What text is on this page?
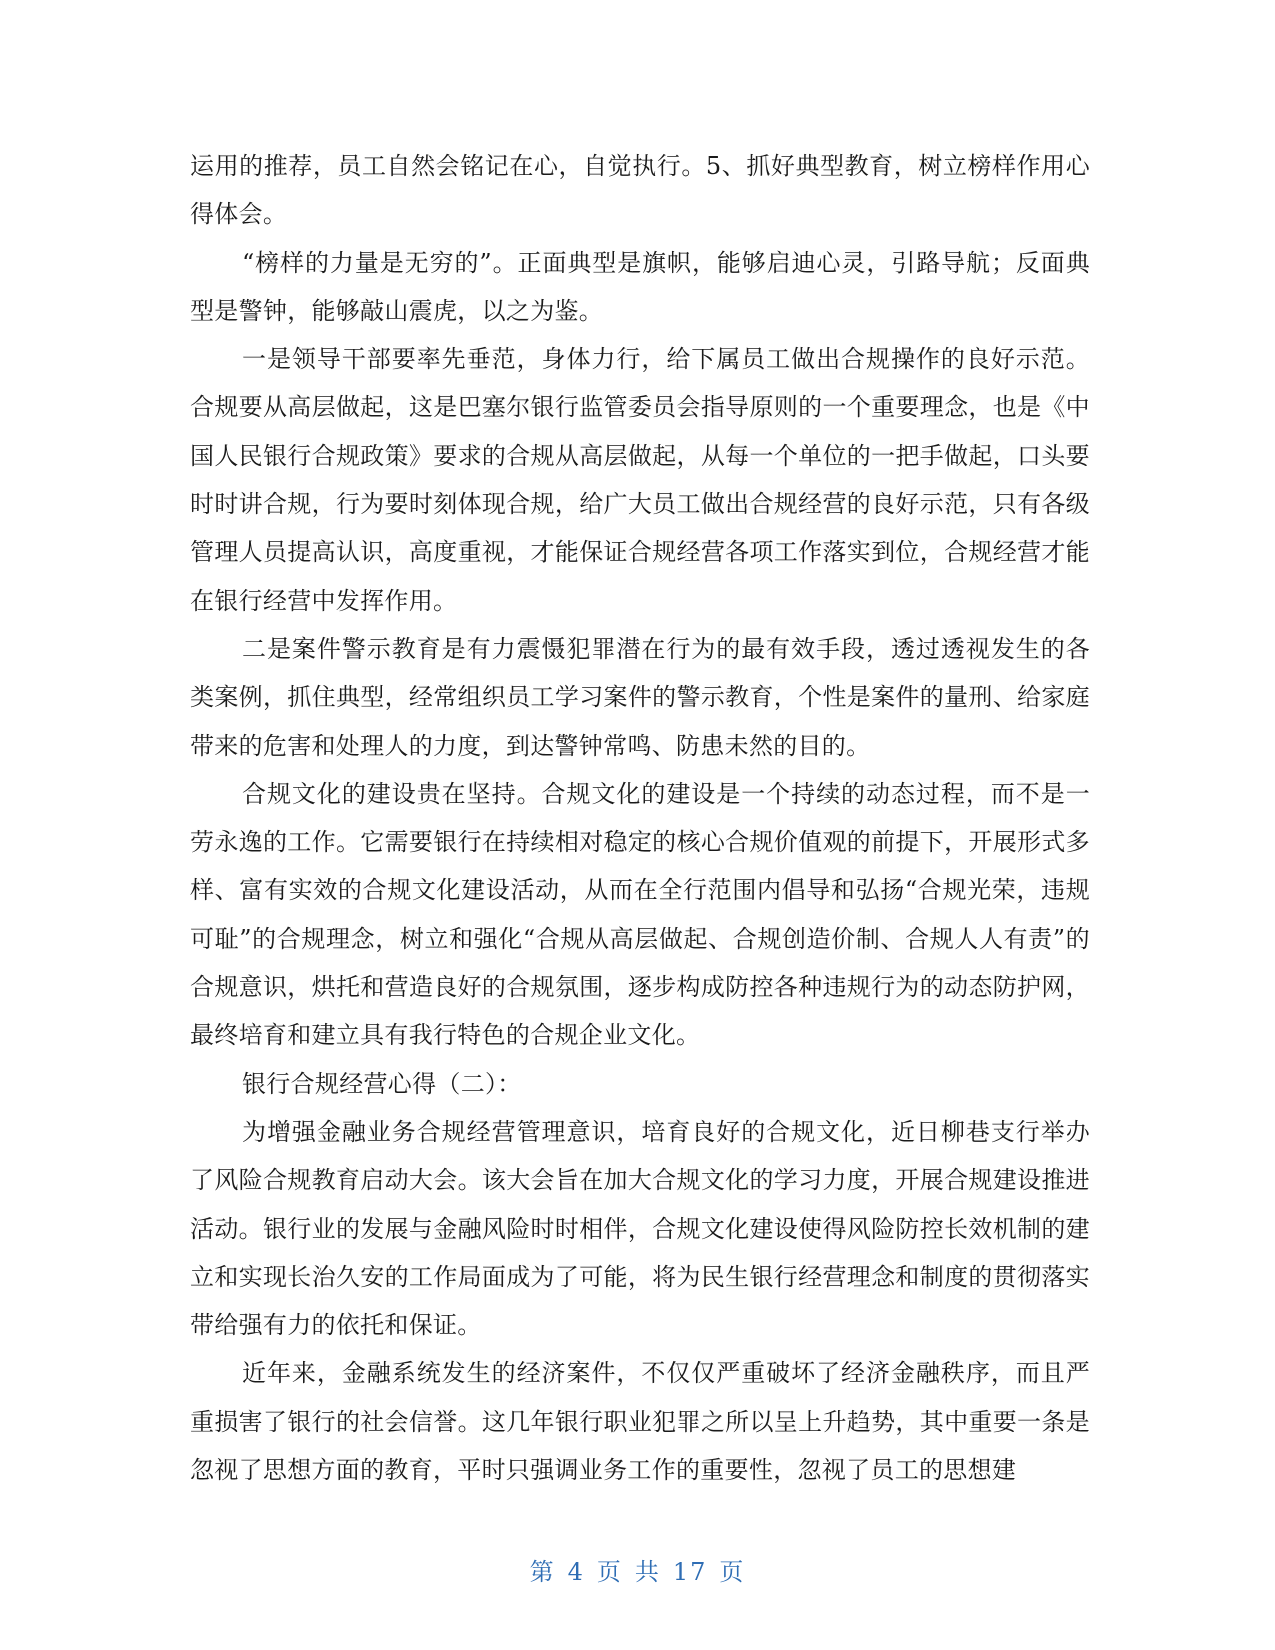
运用的推荐，员工自然会铭记在心，自觉执行。5、抓好典型教育，树立榜样作用心得体会。

“榜样的力量是无穷的”。正面典型是旗帜，能够启迪心灵，引路导航；反面典型是警钟，能够敲山震虎，以之为鉴。

一是领导干部要率先垂范，身体力行，给下属员工做出合规操作的良好示范。合规要从高层做起，这是巴塞尔银行监管委员会指导原则的一个重要理念，也是《中国人民银行合规政策》要求的合规从高层做起，从每一个单位的一把手做起，口头要时时讲合规，行为要时刻体现合规，给广大员工做出合规经营的良好示范，只有各级管理人员提高认识，高度重视，才能保证合规经营各项工作落实到位，合规经营才能在银行经营中发挥作用。

二是案件警示教育是有力震慑犯罪潜在行为的最有效手段，透过透视发生的各类案例，抓住典型，经常组织员工学习案件的警示教育，个性是案件的量刑、给家庭带来的危害和处理人的力度，到达警钟常鸣、防患未然的目的。

合规文化的建设贵在坚持。合规文化的建设是一个持续的动态过程，而不是一劳永逸的工作。它需要银行在持续相对稳定的核心合规价值观的前提下，开展形式多样、富有实效的合规文化建设活动，从而在全行范围内倡导和弘扬“合规光荣，违规可耻”的合规理念，树立和强化“合规从高层做起、合规创造价制、合规人人有责”的合规意识，烘托和营造良好的合规氛围，逐步构成防控各种违规行为的动态防护网，最终培育和建立具有我行特色的合规企业文化。

银行合规经营心得（二）：

为增强金融业务合规经营管理意识，培育良好的合规文化，近日柳巷支行举办了风险合规教育启动大会。该大会旨在加大合规文化的学习力度，开展合规建设推进活动。银行业的发展与金融风险时时相伴，合规文化建设使得风险防控长效机制的建立和实现长治久安的工作局面成为了可能，将为民生银行经营理念和制度的贯彻落实带给强有力的依托和保证。

近年来，金融系统发生的经济案件，不仅仅严重破坏了经济金融秩序，而且严重损害了银行的社会信誉。这几年银行职业犯罪之所以呈上升趋势，其中重要一条是忽视了思想方面的教育，平时只强调业务工作的重要性，忽视了员工的思想建

第 4 页 共 17 页
